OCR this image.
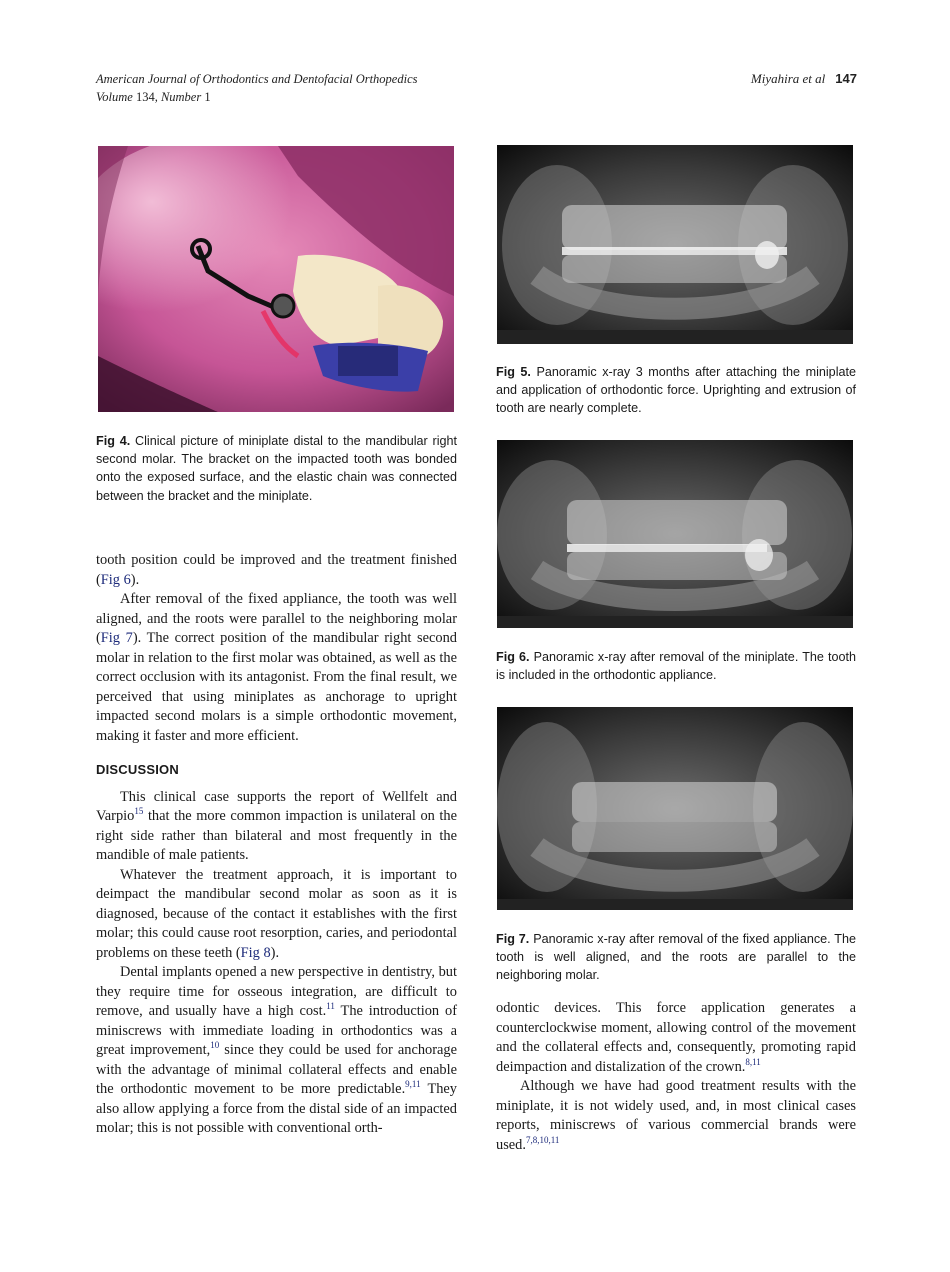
American Journal of Orthodontics and Dentofacial Orthopedics
Volume 134, Number 1
Miyahira et al 147
Fig 4. Clinical picture of miniplate distal to the mandibular right second molar. The bracket on the impacted tooth was bonded onto the exposed surface, and the elastic chain was connected between the bracket and the miniplate.
Fig 5. Panoramic x-ray 3 months after attaching the miniplate and application of orthodontic force. Uprighting and extrusion of tooth are nearly complete.
Fig 6. Panoramic x-ray after removal of the miniplate. The tooth is included in the orthodontic appliance.
Fig 7. Panoramic x-ray after removal of the fixed appliance. The tooth is well aligned, and the roots are parallel to the neighboring molar.

tooth position could be improved and the treatment finished (Fig 6).

After removal of the fixed appliance, the tooth was well aligned, and the roots were parallel to the neighboring molar (Fig 7). The correct position of the mandibular right second molar in relation to the first molar was obtained, as well as the correct occlusion with its antagonist. From the final result, we perceived that using miniplates as anchorage to upright impacted second molars is a simple orthodontic movement, making it faster and more efficient.

DISCUSSION

This clinical case supports the report of Wellfelt and Varpio$^{15}$ that the more common impaction is unilateral on the right side rather than bilateral and most frequently in the mandible of male patients.

Whatever the treatment approach, it is important to deimpact the mandibular second molar as soon as it is diagnosed, because of the contact it establishes with the first molar; this could cause root resorption, caries, and periodontal problems on these teeth (Fig 8).

Dental implants opened a new perspective in dentistry, but they require time for osseous integration, are difficult to remove, and usually have a high cost.$^{11}$ The introduction of miniscrews with immediate loading in orthodontics was a great improvement,$^{10}$ since they could be used for anchorage with the advantage of minimal collateral effects and enable the orthodontic movement to be more predictable.$^{9,11}$ They also allow applying a force from the distal side of an impacted molar; this is not possible with conventional orth-

odontic devices. This force application generates a counterclockwise moment, allowing control of the movement and the collateral effects and, consequently, promoting rapid deimpaction and distalization of the crown.$^{8,11}$

Although we have had good treatment results with the miniplate, it is not widely used, and, in most clinical cases reports, miniscrews of various commercial brands were used.$^{7,8,10,11}$
